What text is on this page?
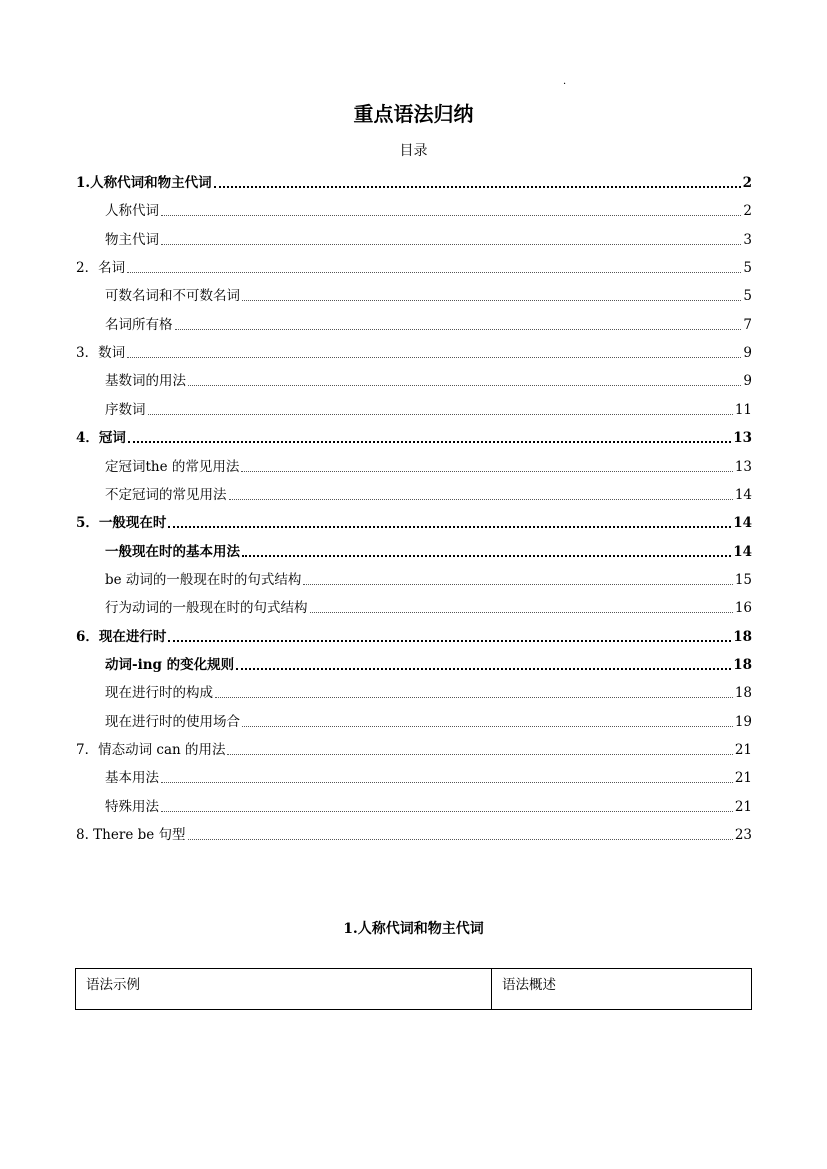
·
重点语法归纳
目录
1.人称代词和物主代词	2
人称代词	2
物主代词	3
2．名词	5
可数名词和不可数名词	5
名词所有格	7
3．数词	9
基数词的用法	9
序数词	11
4．冠词	13
定冠词the 的常见用法	13
不定冠词的常见用法	14
5．一般现在时	14
一般现在时的基本用法	14
be 动词的一般现在时的句式结构	15
行为动词的一般现在时的句式结构	16
6．现在进行时	18
动词-ing 的变化规则	18
现在进行时的构成	18
现在进行时的使用场合	19
7．情态动词 can 的用法	21
基本用法	21
特殊用法	21
8. There be 句型	23
1.人称代词和物主代词
语法示例	语法概述
